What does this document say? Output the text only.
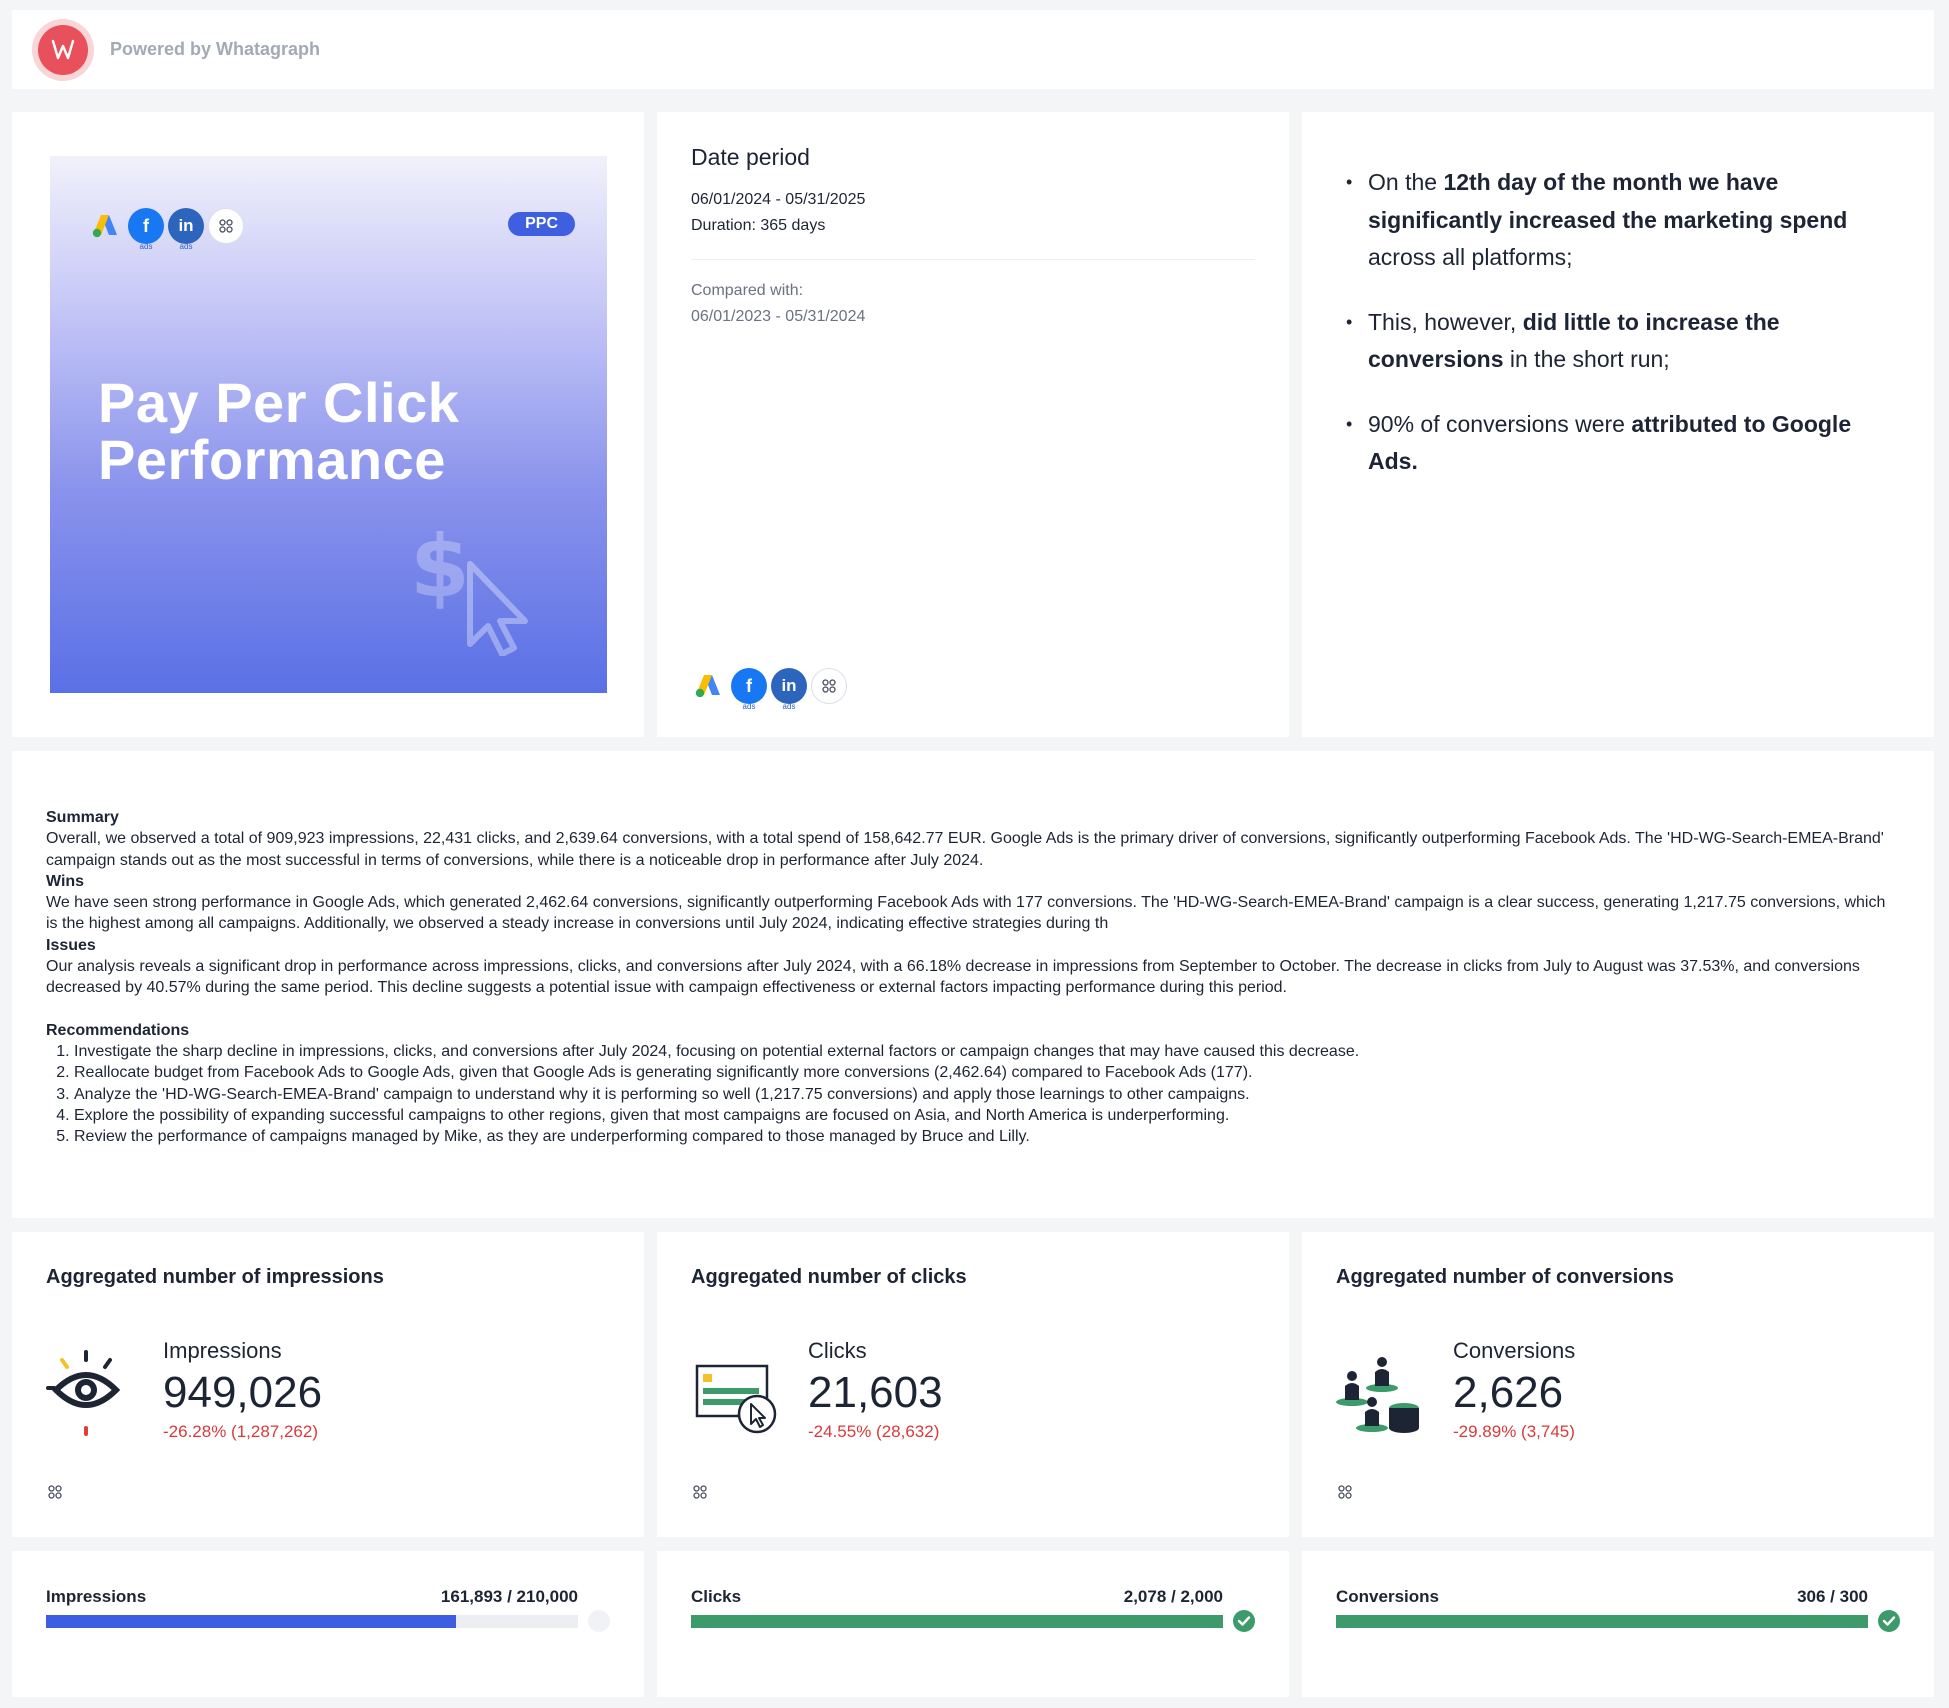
Powered by Whatagraph
f
ads
in
ads
PPC
Pay Per Click
Performance
$
Date period
06/01/2024 - 05/31/2025
Duration: 365 days
Compared with:
06/01/2023 - 05/31/2024
f
ads
in
ads
• On the 12th day of the month we have significantly increased the marketing spend across all platforms;
• This, however, did little to increase the conversions in the short run;
• 90% of conversions were attributed to Google Ads.
Summary

Overall, we observed a total of 909,923 impressions, 22,431 clicks, and 2,639.64 conversions, with a total spend of 158,642.77 EUR. Google Ads is the primary driver of conversions, significantly outperforming Facebook Ads. The 'HD-WG-Search-EMEA-Brand' campaign stands out as the most successful in terms of conversions, while there is a noticeable drop in performance after July 2024.

Wins

We have seen strong performance in Google Ads, which generated 2,462.64 conversions, significantly outperforming Facebook Ads with 177 conversions. The 'HD-WG-Search-EMEA-Brand' campaign is a clear success, generating 1,217.75 conversions, which is the highest among all campaigns. Additionally, we observed a steady increase in conversions until July 2024, indicating effective strategies during th

Issues

Our analysis reveals a significant drop in performance across impressions, clicks, and conversions after July 2024, with a 66.18% decrease in impressions from September to October. The decrease in clicks from July to August was 37.53%, and conversions decreased by 40.57% during the same period. This decline suggests a potential issue with campaign effectiveness or external factors impacting performance during this period.

Recommendations
1. Investigate the sharp decline in impressions, clicks, and conversions after July 2024, focusing on potential external factors or campaign changes that may have caused this decrease.
2. Reallocate budget from Facebook Ads to Google Ads, given that Google Ads is generating significantly more conversions (2,462.64) compared to Facebook Ads (177).
3. Analyze the 'HD-WG-Search-EMEA-Brand' campaign to understand why it is performing so well (1,217.75 conversions) and apply those learnings to other campaigns.
4. Explore the possibility of expanding successful campaigns to other regions, given that most campaigns are focused on Asia, and North America is underperforming.
5. Review the performance of campaigns managed by Mike, as they are underperforming compared to those managed by Bruce and Lilly.
Aggregated number of impressions
Impressions
949,026
-26.28% (1,287,262)
Aggregated number of clicks
Clicks
21,603
-24.55% (28,632)
Aggregated number of conversions
Conversions
2,626
-29.89% (3,745)
Impressions	161,893 / 210,000	Clicks	2,078 / 2,000	Conversions	306 / 300
